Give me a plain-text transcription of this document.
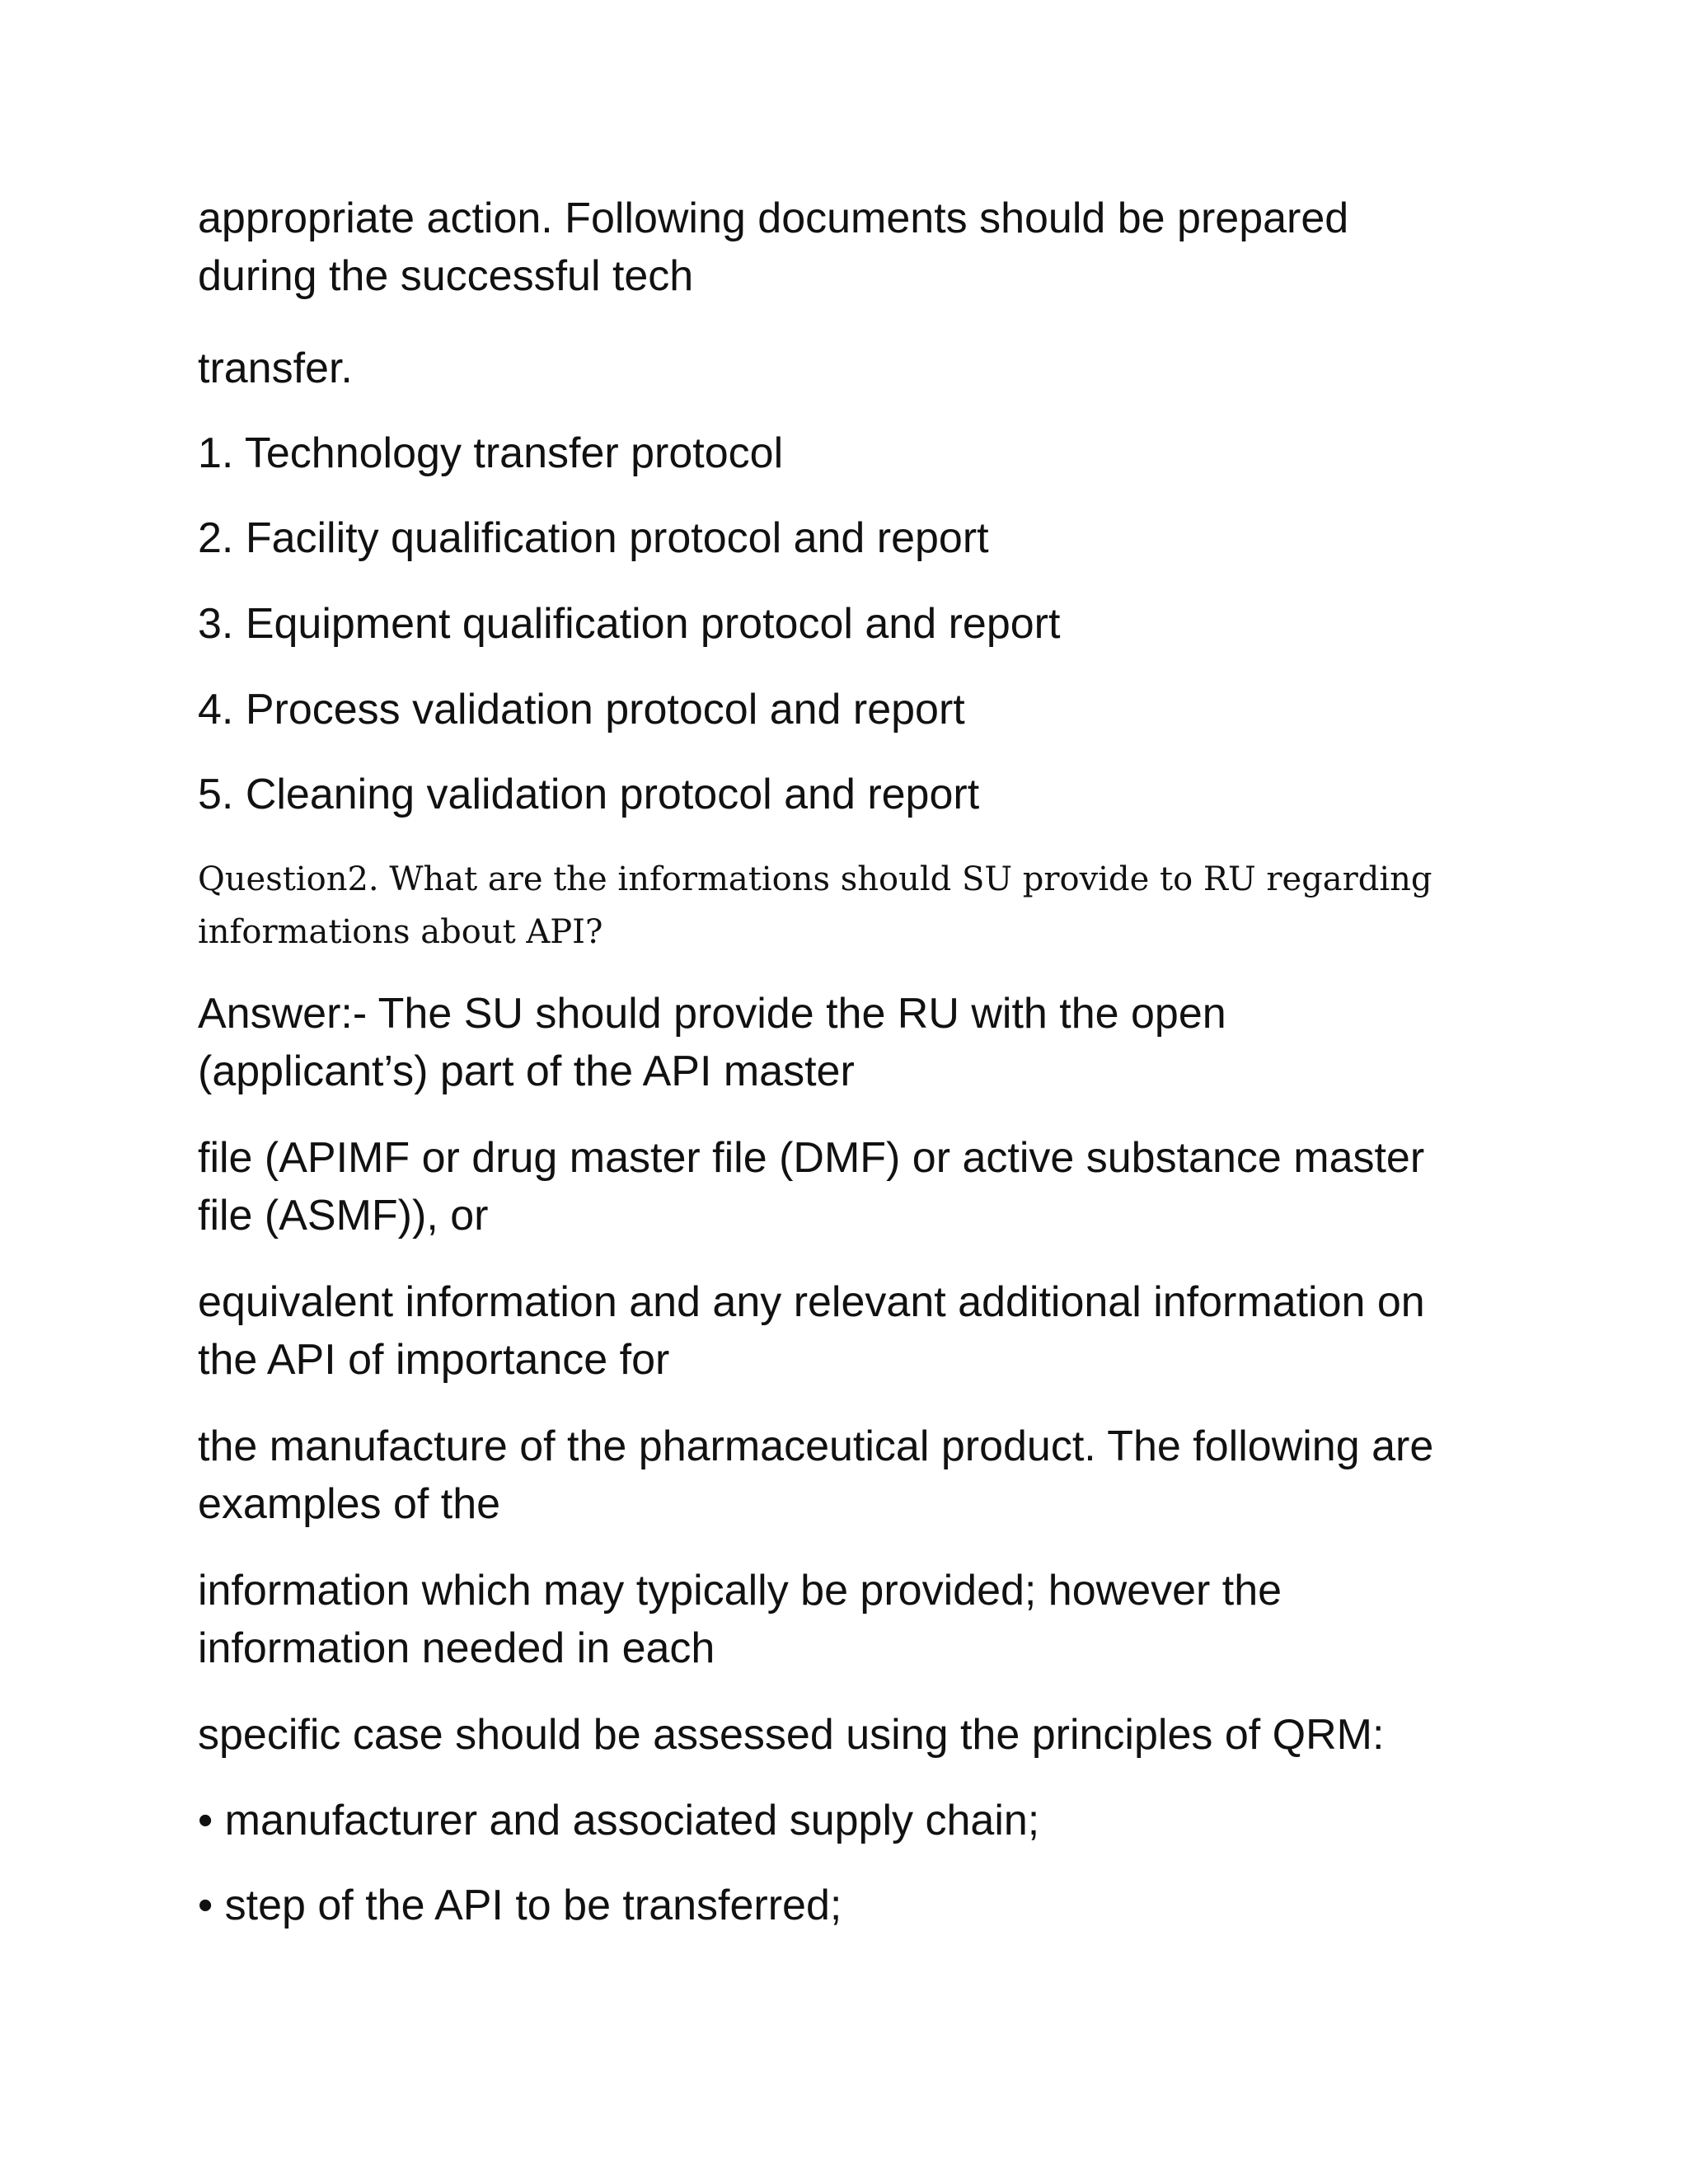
appropriate action. Following documents should be prepared
during the successful tech

transfer.

1. Technology transfer protocol

2. Facility qualification protocol and report

3. Equipment qualification protocol and report

4. Process validation protocol and report

5. Cleaning validation protocol and report

Question2. What are the informations should SU provide to RU regarding
informations about API?

Answer:- The SU should provide the RU with the open
(applicant’s) part of the API master

file (APIMF or drug master file (DMF) or active substance master
file (ASMF)), or

equivalent information and any relevant additional information on
the API of importance for

the manufacture of the pharmaceutical product. The following are
examples of the

information which may typically be provided; however the
information needed in each

specific case should be assessed using the principles of QRM:

• manufacturer and associated supply chain;

• step of the API to be transferred;
